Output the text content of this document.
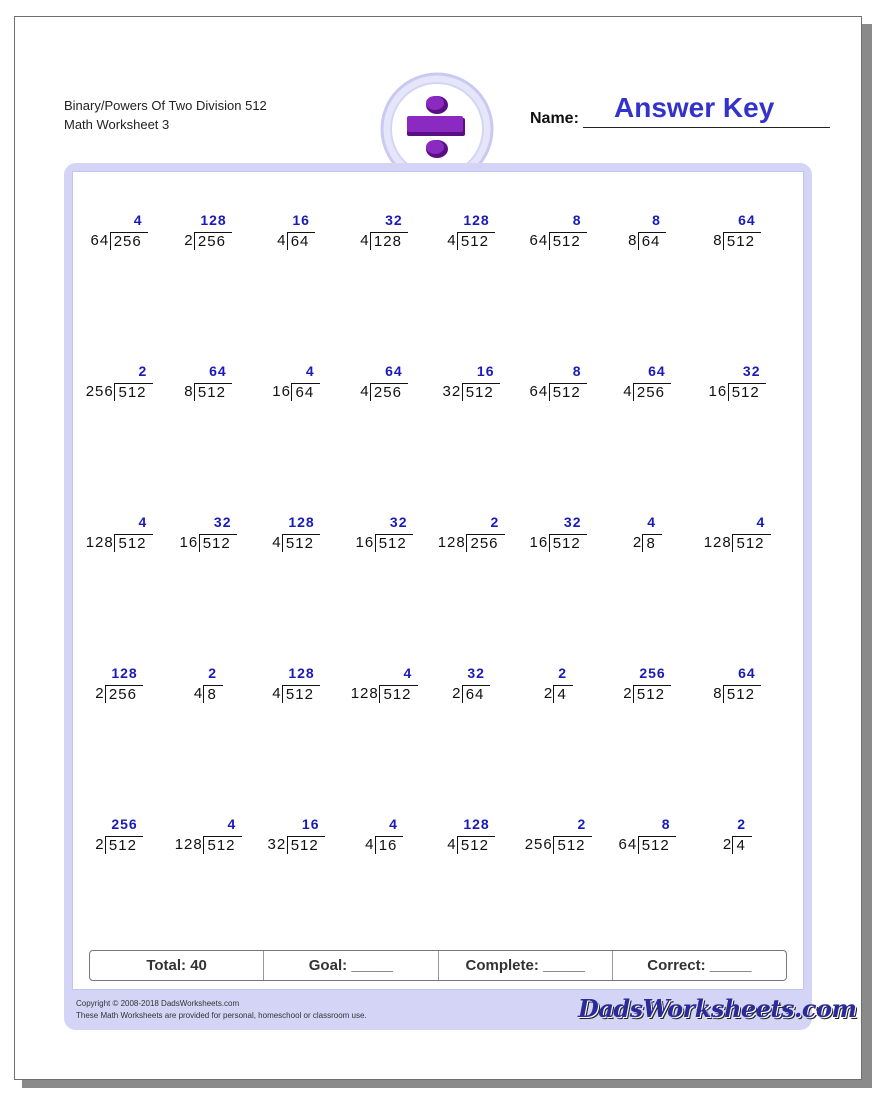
Binary/Powers Of Two Division 512
Math Worksheet 3	Name: Answer Key
4
64 256
128
2 256
16
4 64
32
4 128
128
4 512
8
64 512
8
8 64
64
8 512
2
256 512
64
8 512
4
16 64
64
4 256
16
32 512
8
64 512
64
4 256
32
16 512
4
128 512
32
16 512
128
4 512
32
16 512
2
128 256
32
16 512
4
2 8
4
128 512
128
2 256
2
4 8
128
4 512
4
128 512
32
2 64
2
2 4
256
2 512
64
8 512
256
2 512
4
128 512
16
32 512
4
4 16
128
4 512
2
256 512
8
64 512
2
2 4
Total: 40	Goal: _____	Complete: _____	Correct: _____
Copyright © 2008-2018 DadsWorksheets.com
These Math Worksheets are provided for personal, homeschool or classroom use.	DadsWorksheets.com
